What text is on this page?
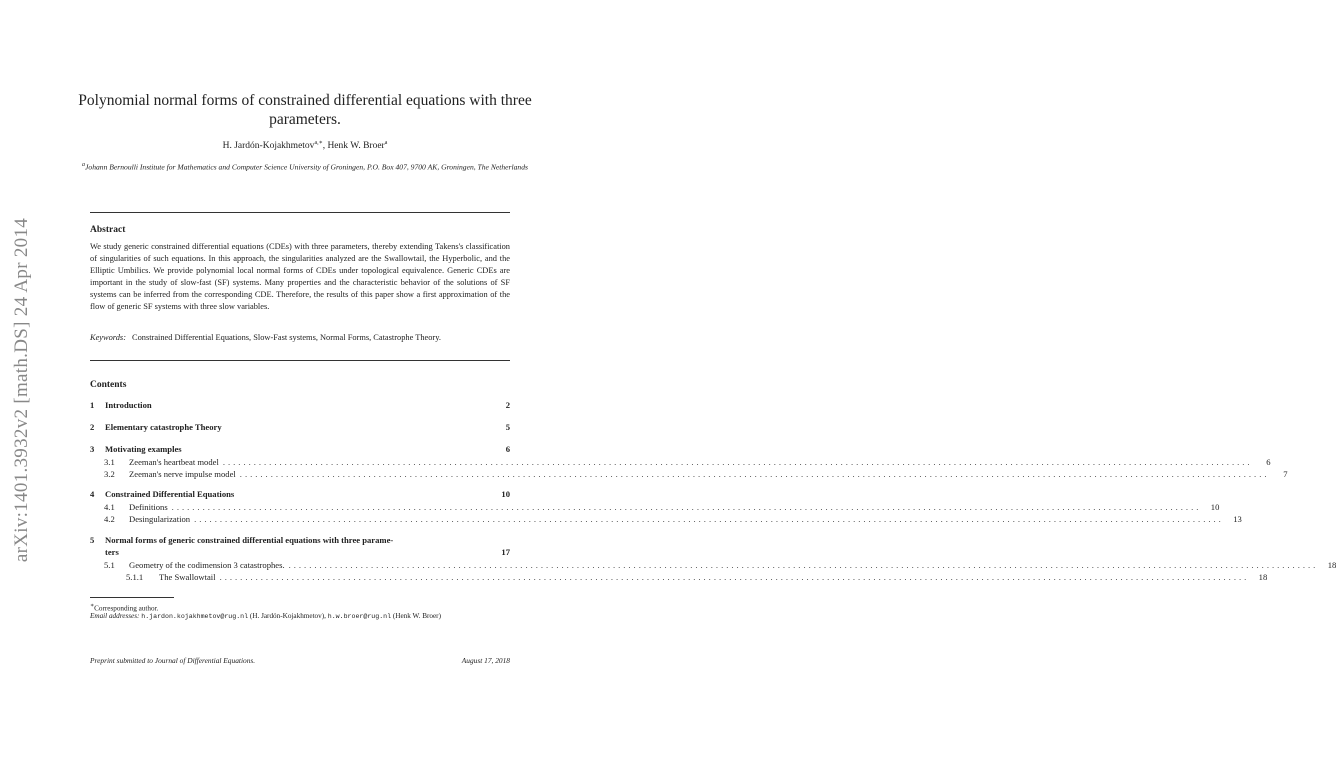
arXiv:1401.3932v2 [math.DS] 24 Apr 2014
Polynomial normal forms of constrained differential equations with three parameters.
H. Jardón-Kojakhmetov$^{a,∗}$, Henk W. Broer$^a$
$^a$Johann Bernoulli Institute for Mathematics and Computer Science University of Groningen, P.O. Box 407, 9700 AK, Groningen, The Netherlands
Abstract
We study generic constrained differential equations (CDEs) with three parameters, thereby extending Takens's classification of singularities of such equations. In this approach, the singularities analyzed are the Swallowtail, the Hyperbolic, and the Elliptic Umbilics. We provide polynomial local normal forms of CDEs under topological equivalence. Generic CDEs are important in the study of slow-fast (SF) systems. Many properties and the characteristic behavior of the solutions of SF systems can be inferred from the corresponding CDE. Therefore, the results of this paper show a first approximation of the flow of generic SF systems with three slow variables.
Keywords: Constrained Differential Equations, Slow-Fast systems, Normal Forms, Catastrophe Theory.
Contents
1 Introduction	2
2 Elementary catastrophe Theory	5
3 Motivating examples	6
3.1 Zeeman's heartbeat model ........................................................................................................................................................................................................	6
3.2 Zeeman's nerve impulse model ........................................................................................................................................................................................................	7
4 Constrained Differential Equations	10
4.1 Definitions ........................................................................................................................................................................................................	10
4.2 Desingularization ........................................................................................................................................................................................................	13
5 Normal forms of generic constrained differential equations with three parame-
ters	17
5.1 Geometry of the codimension 3 catastrophes. ........................................................................................................................................................................................................	18
5.1.1 The Swallowtail ........................................................................................................................................................................................................	18
∗Corresponding author.
Email addresses: h.jardon.kojakhmetov@rug.nl (H. Jardón-Kojakhmetov), h.w.broer@rug.nl (Henk W. Broer)
Preprint submitted to Journal of Differential Equations.	August 17, 2018
